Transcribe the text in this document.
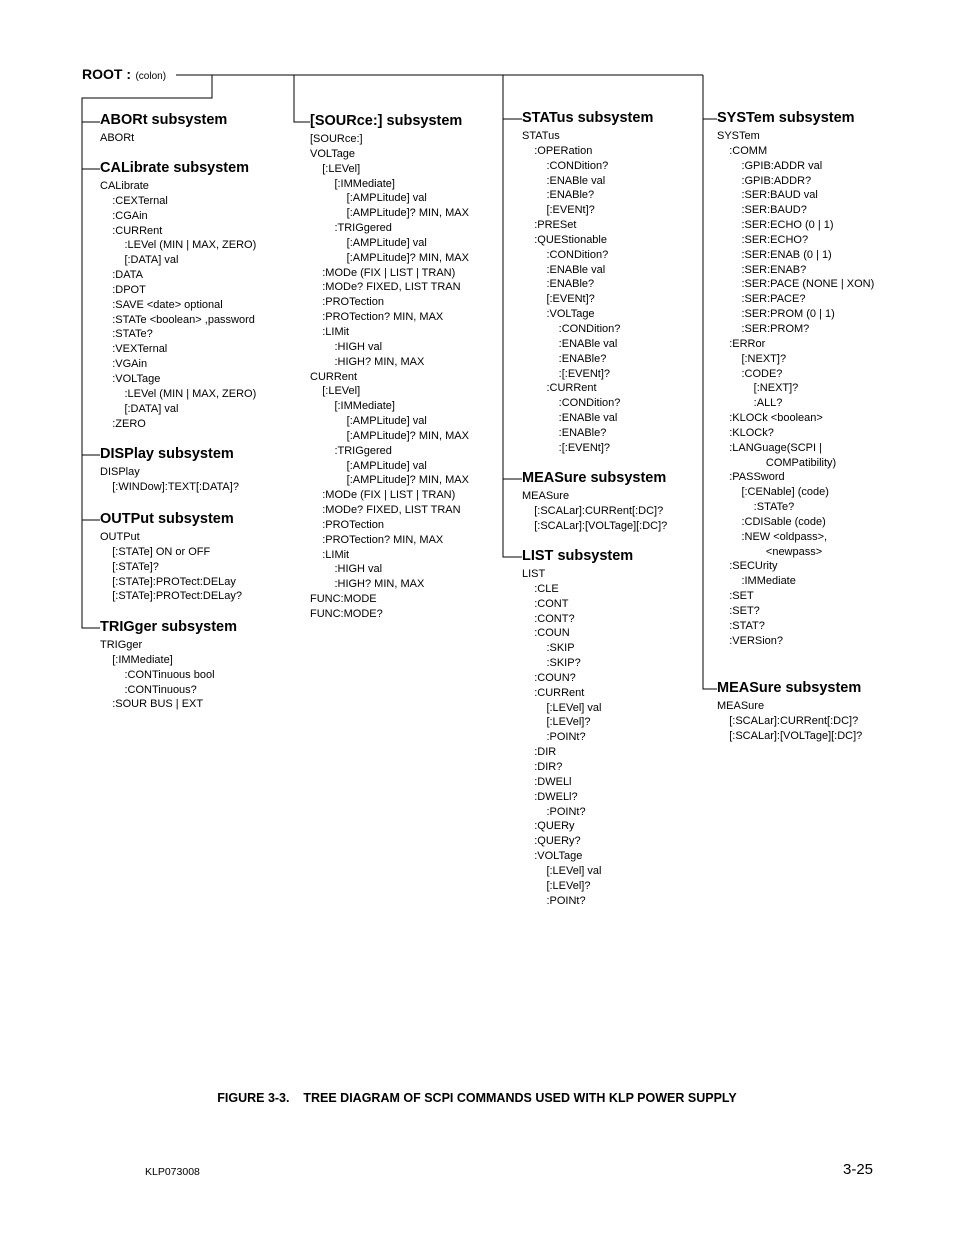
ROOT : (colon)
ABORt subsystem
ABORt
CALibrate subsystem
CALibrate
:CEXTernal
:CGAin
:CURRent
:LEVel (MIN | MAX, ZERO)
[:DATA] val
:DATA
:DPOT
:SAVE <date> optional
:STATe <boolean> ,password
:STATe?
:VEXTernal
:VGAin
:VOLTage
:LEVel (MIN | MAX, ZERO)
[:DATA] val
:ZERO
DISPlay subsystem
DISPlay
[:WINDow]:TEXT[:DATA]?
OUTPut subsystem
OUTPut
[:STATe] ON or OFF
[:STATe]?
[:STATe]:PROTect:DELay
[:STATe]:PROTect:DELay?
TRIGger subsystem
TRIGger
[:IMMediate]
:CONTinuous bool
:CONTinuous?
:SOUR BUS | EXT
[SOURce:] subsystem
[SOURce:]
VOLTage
[:LEVel]
[:IMMediate]
[:AMPLitude] val
[:AMPLitude]? MIN, MAX
:TRIGgered
[:AMPLitude] val
[:AMPLitude]? MIN, MAX
:MODe (FIX | LIST | TRAN)
:MODe? FIXED, LIST TRAN
:PROTection
:PROTection? MIN, MAX
:LIMit
:HIGH val
:HIGH? MIN, MAX
CURRent
[:LEVel]
[:IMMediate]
[:AMPLitude] val
[:AMPLitude]? MIN, MAX
:TRIGgered
[:AMPLitude] val
[:AMPLitude]? MIN, MAX
:MODe (FIX | LIST | TRAN)
:MODe? FIXED, LIST TRAN
:PROTection
:PROTection? MIN, MAX
:LIMit
:HIGH val
:HIGH? MIN, MAX
FUNC:MODE
FUNC:MODE?
STATus subsystem
STATus
:OPERation
:CONDition?
:ENABle val
:ENABle?
[:EVENt]?
:PRESet
:QUEStionable
:CONDition?
:ENABle val
:ENABle?
[:EVENt]?
:VOLTage
:CONDition?
:ENABle val
:ENABle?
:[:EVENt]?
:CURRent
:CONDition?
:ENABle val
:ENABle?
:[:EVENt]?
MEASure subsystem
MEASure
[:SCALar]:CURRent[:DC]?
[:SCALar]:[VOLTage][:DC]?
LIST subsystem
LIST
:CLE
:CONT
:CONT?
:COUN
:SKIP
:SKIP?
:COUN?
:CURRent
[:LEVel] val
[:LEVel]?
:POINt?
:DIR
:DIR?
:DWELl
:DWELl?
:POINt?
:QUERy
:QUERy?
:VOLTage
[:LEVel] val
[:LEVel]?
:POINt?
SYSTem subsystem
SYSTem
:COMM
:GPIB:ADDR val
:GPIB:ADDR?
:SER:BAUD val
:SER:BAUD?
:SER:ECHO (0 | 1)
:SER:ECHO?
:SER:ENAB (0 | 1)
:SER:ENAB?
:SER:PACE (NONE | XON)
:SER:PACE?
:SER:PROM (0 | 1)
:SER:PROM?
:ERRor
[:NEXT]?
:CODE?
[:NEXT]?
:ALL?
:KLOCk <boolean>
:KLOCk?
:LANGuage(SCPI |
COMPatibility)
:PASSword
[:CENable] (code)
:STATe?
:CDISable (code)
:NEW <oldpass>,
<newpass>
:SECUrity
:IMMediate
:SET
:SET?
:STAT?
:VERSion?
MEASure subsystem
MEASure
[:SCALar]:CURRent[:DC]?
[:SCALar]:[VOLTage][:DC]?
FIGURE 3-3.    TREE DIAGRAM OF SCPI COMMANDS USED WITH KLP POWER SUPPLY
KLP073008	3-25
